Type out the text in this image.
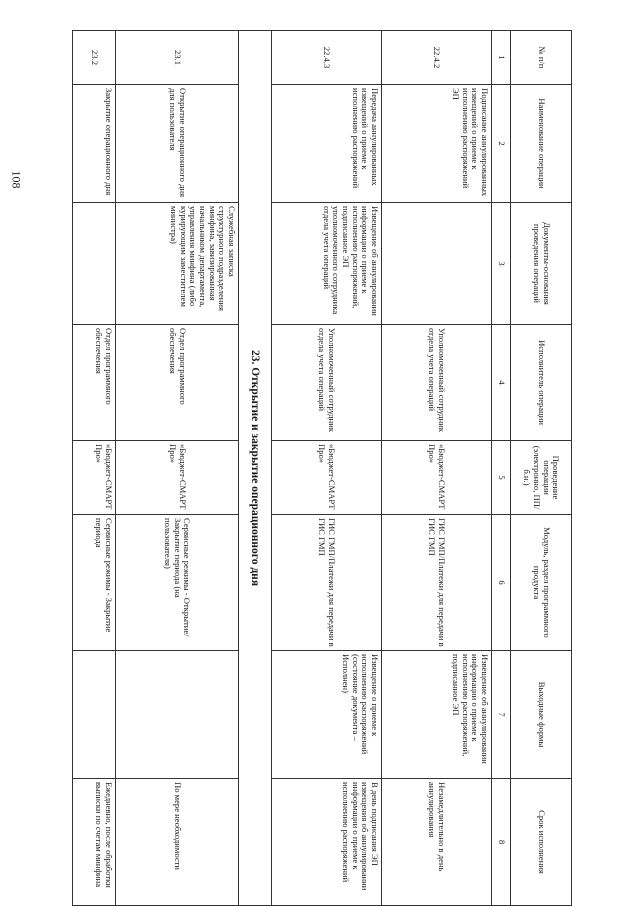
108
№ п/п	Наименование операции	Документы-основания проведения операций	Исполнитель операции	Проведение операции (электронно, ПП/б.н.)	Модуль, раздел программного продукта	Выходные формы	Срок исполнения
1	2	3	4	5	6	7	8
22.4.2	Подписание аннулированных извещений о приеме к исполнению распоряжений ЭП		Уполномоченный сотрудник отдела учета операций	«Бюджет-СМАРТ Про»	ГИС ГМП/Платежи для передачи в ГИС ГМП	Извещение об аннулировании информации о приеме к исполнению распоряжений, подписанное ЭП	Незамедлительно в день аннулирования
22.4.3	Передача аннулированных извещений о приеме к исполнению распоряжений	Извещение об аннулировании информации о приеме к исполнению распоряжений, подписанное ЭП уполномоченного сотрудника отдела учета операций	Уполномоченный сотрудник отдела учета операций	«Бюджет-СМАРТ Про»	ГИС ГМП/Платежи для передачи в ГИС ГМП	Извещение о приеме к исполнению распоряжений (состояние документа – Исполнен)	В день подписания ЭП извещения об аннулировании информации о приеме к исполнению распоряжений
23. Открытие и закрытие операционного дня							
23.1	Открытие операционного дня для пользователя	Служебная записка структурного подразделения минфина, завизированная начальником департамента, управления минфина (либо курирующим заместителем министра)	Отдел программного обеспечения	«Бюджет-СМАРТ Про»	Сервисные режимы - Открытие/Закрытие периода (на пользователя)		По мере необходимости
23.2	Закрытие операционного дня		Отдел программного обеспечения	«Бюджет-СМАРТ Про»	Сервисные режимы - Закрытие периода		Ежедневно, после обработки выписки по счетам минфина
